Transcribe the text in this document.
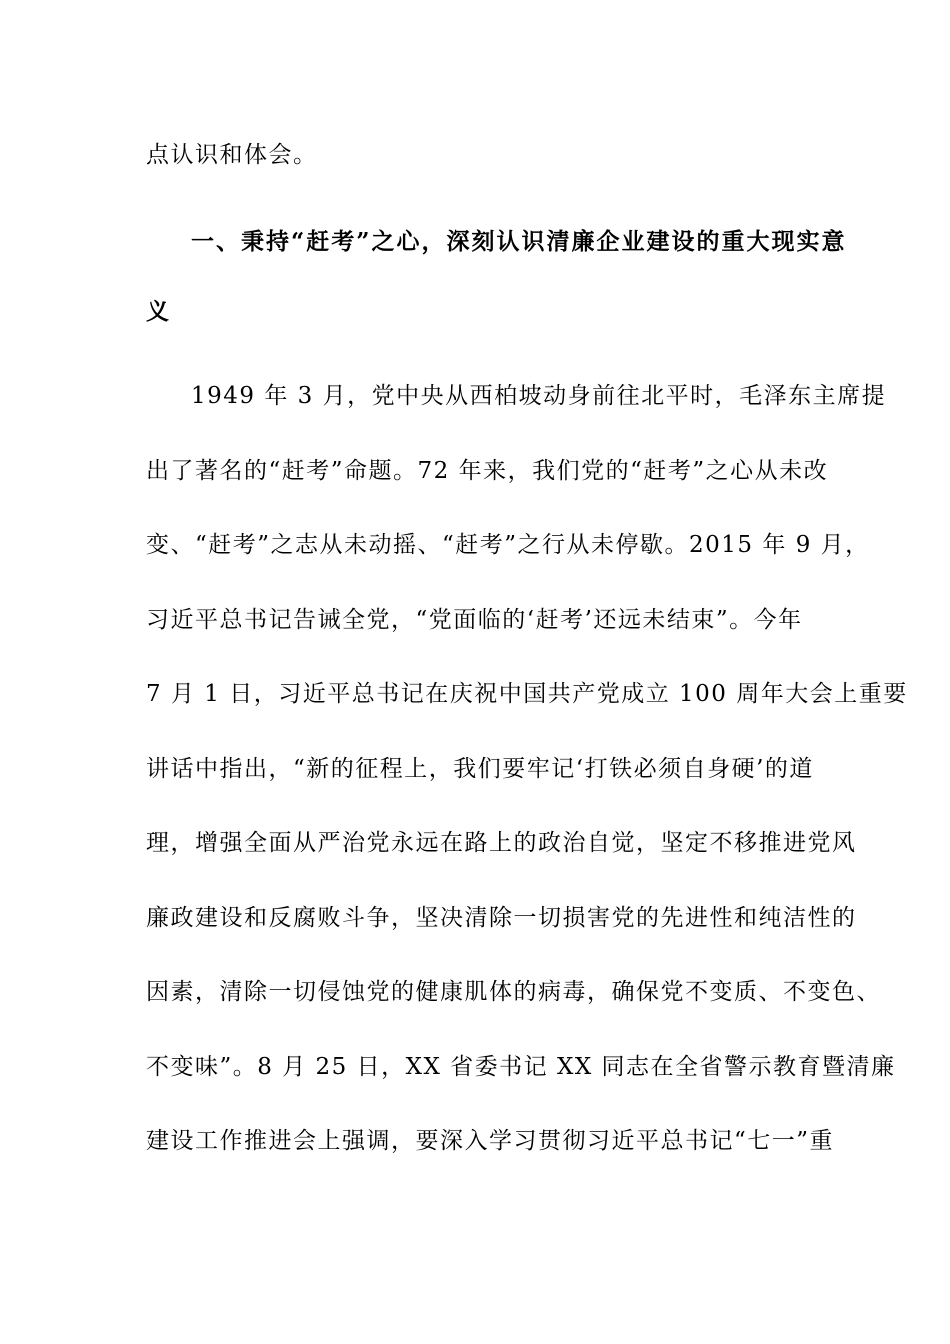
点认识和体会。
一、秉持“赶考”之心，深刻认识清廉企业建设的重大现实意
义
1949 年 3 月，党中央从西柏坡动身前往北平时，毛泽东主席提
出了著名的“赶考”命题。72 年来，我们党的“赶考”之心从未改
变、“赶考”之志从未动摇、“赶考”之行从未停歇。2015 年 9 月，
习近平总书记告诫全党，“党面临的‘赶考’还远未结束”。今年
7 月 1 日，习近平总书记在庆祝中国共产党成立 100 周年大会上重要
讲话中指出，“新的征程上，我们要牢记‘打铁必须自身硬’的道
理，增强全面从严治党永远在路上的政治自觉，坚定不移推进党风
廉政建设和反腐败斗争，坚决清除一切损害党的先进性和纯洁性的
因素，清除一切侵蚀党的健康肌体的病毒，确保党不变质、不变色、
不变味”。8 月 25 日，XX 省委书记 XX 同志在全省警示教育暨清廉
建设工作推进会上强调，要深入学习贯彻习近平总书记“七一”重
